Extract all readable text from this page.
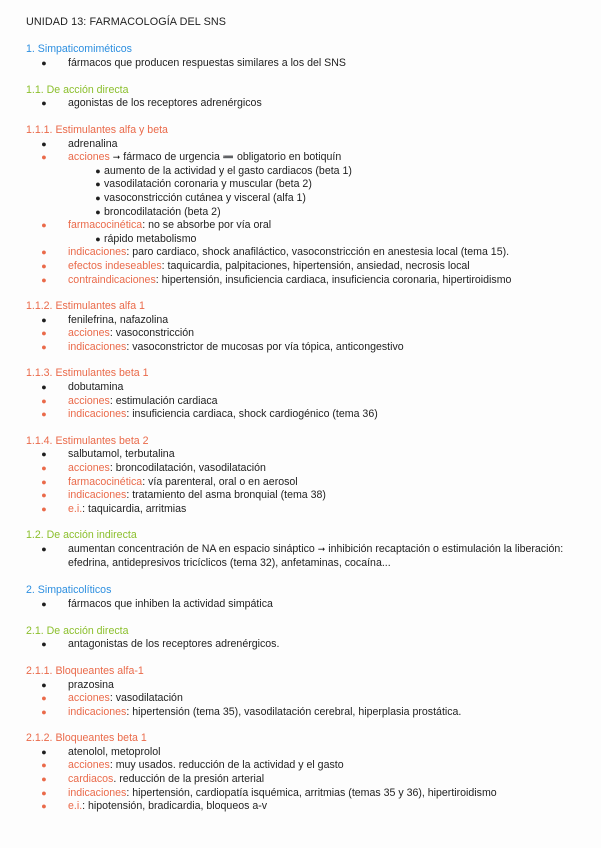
UNIDAD 13: FARMACOLOGÍA DEL SNS
1. Simpaticomiméticos
●	fármacos que producen respuestas similares a los del SNS
1.1. De acción directa
●	agonistas de los receptores adrenérgicos
1.1.1. Estimulantes alfa y beta
●	adrenalina
●	acciones ➞ fármaco de urgencia ➖ obligatorio en botiquín
● aumento de la actividad y el gasto cardiacos (beta 1)
● vasodilatación coronaria y muscular (beta 2)
● vasoconstricción cutánea y visceral (alfa 1)
● broncodilatación (beta 2)
●	farmacocinética: no se absorbe por vía oral
● rápido metabolismo
●	indicaciones: paro cardiaco, shock anafiláctico, vasoconstricción en anestesia local (tema 15).
●	efectos indeseables: taquicardia, palpitaciones, hipertensión, ansiedad, necrosis local
●	contraindicaciones: hipertensión, insuficiencia cardiaca, insuficiencia coronaria, hipertiroidismo
1.1.2. Estimulantes alfa 1
●	fenilefrina, nafazolina
●	acciones: vasoconstricción
●	indicaciones: vasoconstrictor de mucosas por vía tópica, anticongestivo
1.1.3. Estimulantes beta 1
●	dobutamina
●	acciones: estimulación cardiaca
●	indicaciones: insuficiencia cardiaca, shock cardiogénico (tema 36)
1.1.4. Estimulantes beta 2
●	salbutamol, terbutalina
●	acciones: broncodilatación, vasodilatación
●	farmacocinética: vía parenteral, oral o en aerosol
●	indicaciones: tratamiento del asma bronquial (tema 38)
●	e.i.: taquicardia, arritmias
1.2. De acción indirecta
●	aumentan concentración de NA en espacio sináptico ➞ inhibición recaptación o estimulación la liberación:
efedrina, antidepresivos tricíclicos (tema 32), anfetaminas, cocaína...
2. Simpaticolíticos
●	fármacos que inhiben la actividad simpática
2.1. De acción directa
●	antagonistas de los receptores adrenérgicos.
2.1.1. Bloqueantes alfa-1
●	prazosina
●	acciones: vasodilatación
●	indicaciones: hipertensión (tema 35), vasodilatación cerebral, hiperplasia prostática.
2.1.2. Bloqueantes beta 1
●	atenolol, metoprolol
●	acciones: muy usados. reducción de la actividad y el gasto
●	cardiacos. reducción de la presión arterial
●	indicaciones: hipertensión, cardiopatía isquémica, arritmias (temas 35 y 36), hipertiroidismo
●	e.i.: hipotensión, bradicardia, bloqueos a-v
